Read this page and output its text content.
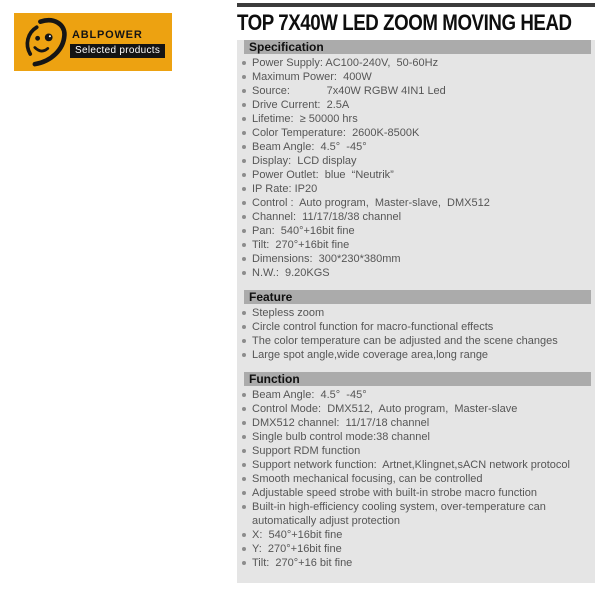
ABLPOWER
Selected products
TOP 7X40W LED ZOOM MOVING HEAD
Specification
Power Supply: AC100-240V,  50-60Hz
Maximum Power:  400W
Source:            7x40W RGBW 4IN1 Led
Drive Current:  2.5A
Lifetime:  ≥ 50000 hrs
Color Temperature:  2600K-8500K
Beam Angle:  4.5°  -45°
Display:  LCD display
Power Outlet:  blue  “Neutrik”
IP Rate: IP20
Control :  Auto program,  Master-slave,  DMX512
Channel:  11/17/18/38 channel
Pan:  540°+16bit fine
Tilt:  270°+16bit fine
Dimensions:  300*230*380mm
N.W.:  9.20KGS
Feature
Stepless zoom
Circle control function for macro-functional effects
The color temperature can be adjusted and the scene changes
Large spot angle,wide coverage area,long range
Function
Beam Angle:  4.5°  -45°
Control Mode:  DMX512,  Auto program,  Master-slave
DMX512 channel:  11/17/18 channel
Single bulb control mode:38 channel
Support RDM function
Support network function:  Artnet,Klingnet,sACN network protocol
Smooth mechanical focusing, can be controlled
Adjustable speed strobe with built-in strobe macro function
Built-in high-efficiency cooling system, over-temperature can automatically adjust protection
X:  540°+16bit fine
Y:  270°+16bit fine
Tilt:  270°+16 bit fine
